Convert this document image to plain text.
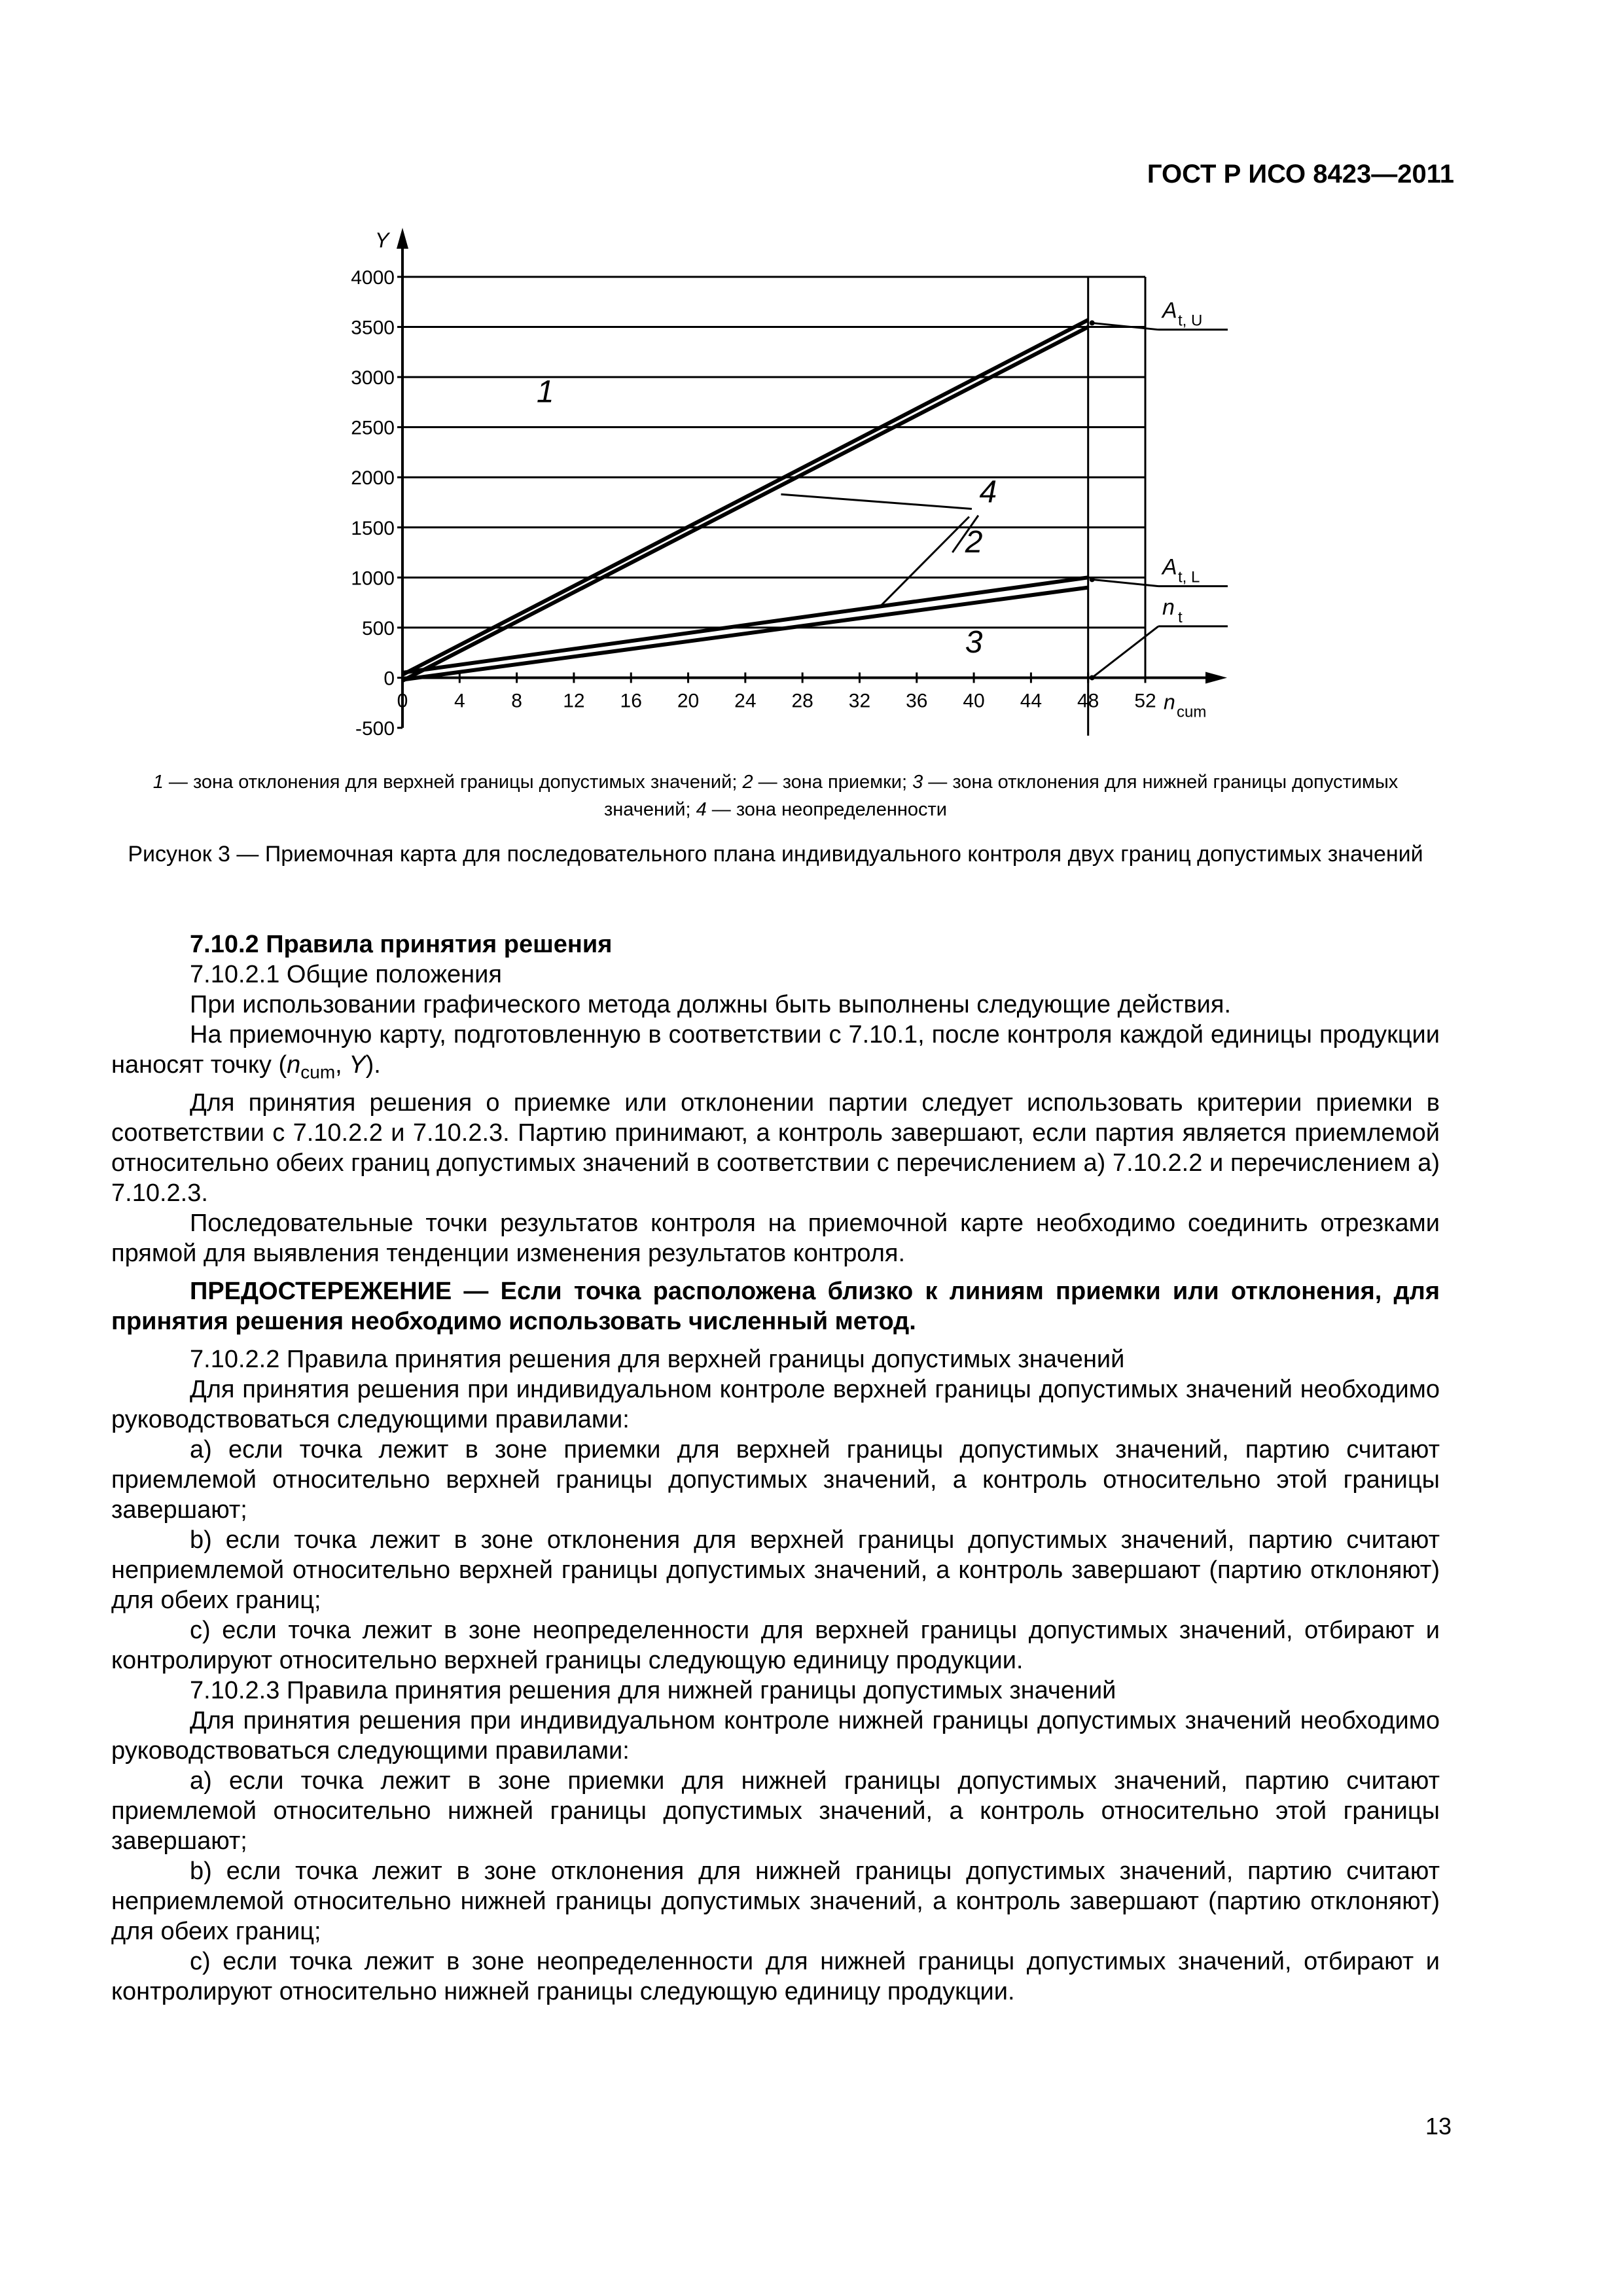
ГОСТ Р ИСО 8423—2011
4000
3500
3000
2500
2000
1500
1000
500
0
-500
0 4 8 12 16 20 24 28 32 36 40 44 48 52
Y
n cum
1
2
3
4
A t, U
A t, L
n t
1 — зона отклонения для верхней границы допустимых значений; 2 — зона приемки; 3 — зона отклонения для нижней границы допустимых значений; 4 — зона неопределенности
Рисунок 3 — Приемочная карта для последовательного плана индивидуального контроля двух границ допустимых значений

7.10.2 Правила принятия решения

7.10.2.1 Общие положения

При использовании графического метода должны быть выполнены следующие действия.

На приемочную карту, подготовленную в соответствии с 7.10.1, после контроля каждой единицы продукции наносят точку ($n_{cum}$, Y).

Для принятия решения о приемке или отклонении партии следует использовать критерии приемки в соответствии с 7.10.2.2 и 7.10.2.3. Партию принимают, а контроль завершают, если партия является приемлемой относительно обеих границ допустимых значений в соответствии с перечислением а) 7.10.2.2 и перечислением а) 7.10.2.3.

Последовательные точки результатов контроля на приемочной карте необходимо соединить отрезками прямой для выявления тенденции изменения результатов контроля.

ПРЕДОСТЕРЕЖЕНИЕ — Если точка расположена близко к линиям приемки или отклонения, для принятия решения необходимо использовать численный метод.

7.10.2.2 Правила принятия решения для верхней границы допустимых значений

Для принятия решения при индивидуальном контроле верхней границы допустимых значений необходимо руководствоваться следующими правилами:

а) если точка лежит в зоне приемки для верхней границы допустимых значений, партию считают приемлемой относительно верхней границы допустимых значений, а контроль относительно этой границы завершают;

b) если точка лежит в зоне отклонения для верхней границы допустимых значений, партию считают неприемлемой относительно верхней границы допустимых значений, а контроль завершают (партию отклоняют) для обеих границ;

с) если точка лежит в зоне неопределенности для верхней границы допустимых значений, отбирают и контролируют относительно верхней границы следующую единицу продукции.

7.10.2.3 Правила принятия решения для нижней границы допустимых значений

Для принятия решения при индивидуальном контроле нижней границы допустимых значений необходимо руководствоваться следующими правилами:

а) если точка лежит в зоне приемки для нижней границы допустимых значений, партию считают приемлемой относительно нижней границы допустимых значений, а контроль относительно этой границы завершают;

b) если точка лежит в зоне отклонения для нижней границы допустимых значений, партию считают неприемлемой относительно нижней границы допустимых значений, а контроль завершают (партию отклоняют) для обеих границ;

с) если точка лежит в зоне неопределенности для нижней границы допустимых значений, отбирают и контролируют относительно нижней границы следующую единицу продукции.

13
